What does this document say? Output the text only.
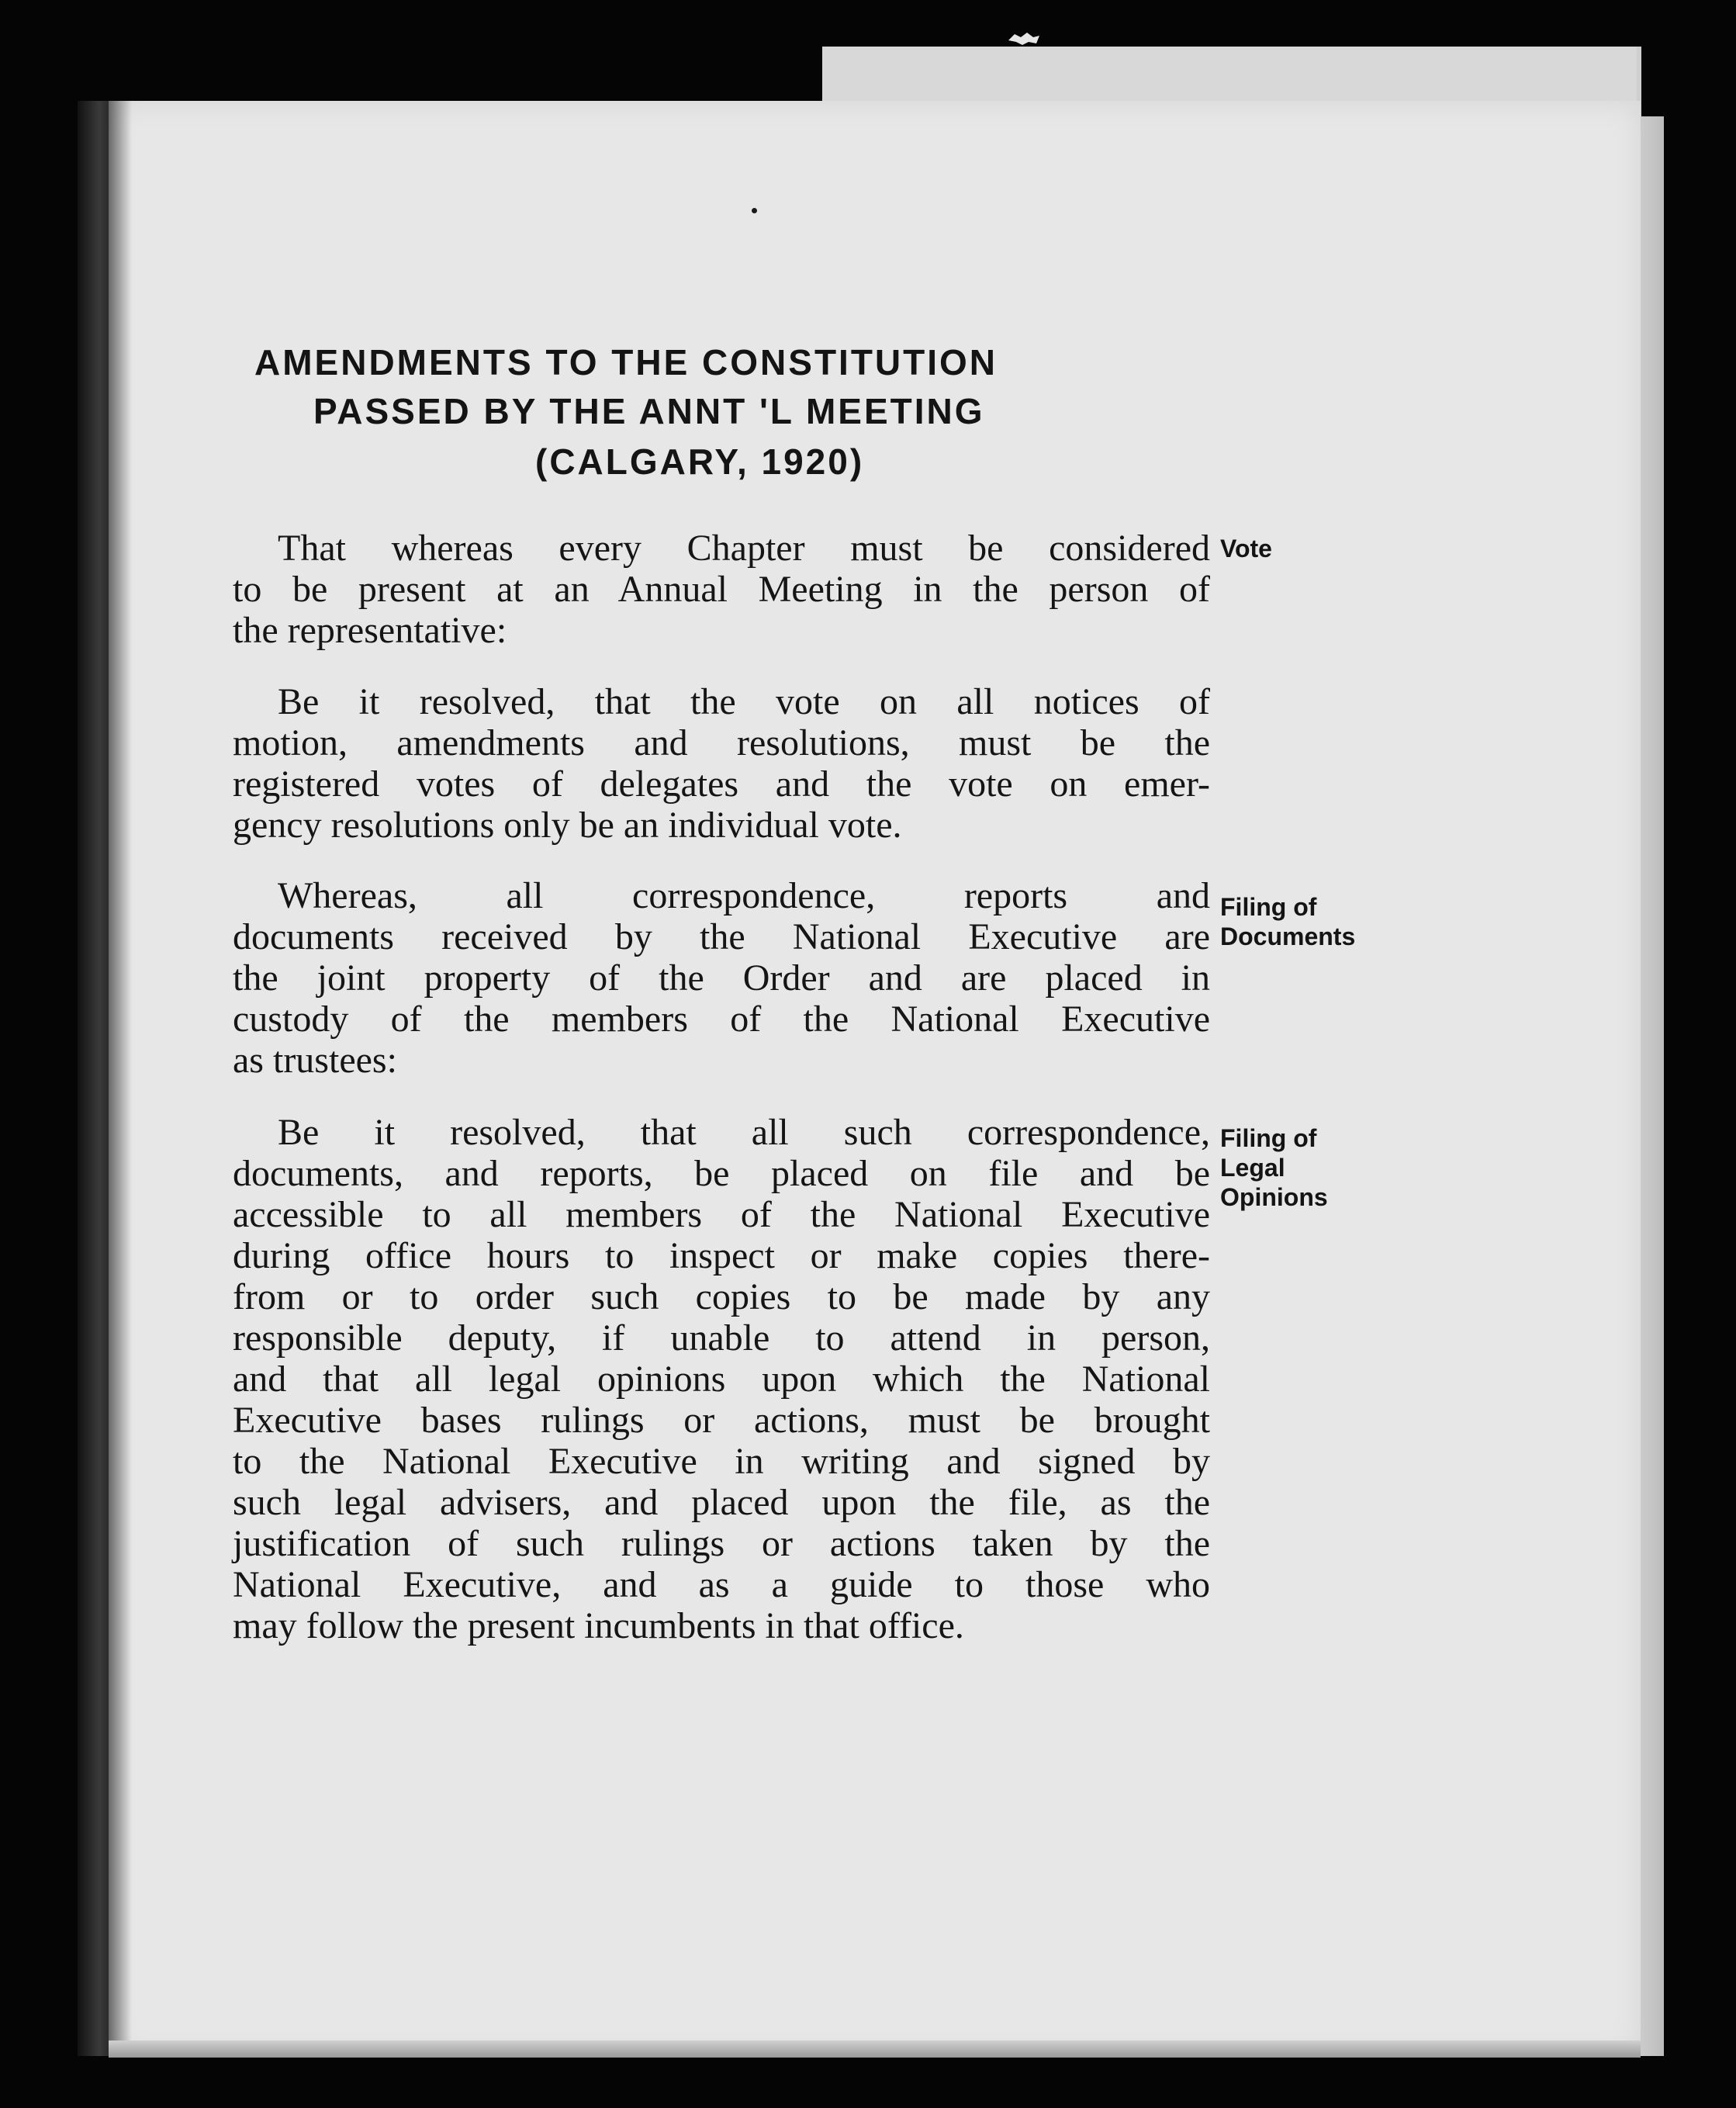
AMENDMENTS TO THE CONSTITUTION
PASSED BY THE ANNT 'L MEETING
(CALGARY, 1920)
That whereas every Chapter must be considered
to be present at an Annual Meeting in the person of
the representative:
Be it resolved, that the vote on all notices of
motion, amendments and resolutions, must be the
registered votes of delegates and the vote on emer-
gency resolutions only be an individual vote.
Whereas, all correspondence, reports and
documents received by the National Executive are
the joint property of the Order and are placed in
custody of the members of the National Executive
as trustees:
Be it resolved, that all such correspondence,
documents, and reports, be placed on file and be
accessible to all members of the National Executive
during office hours to inspect or make copies there-
from or to order such copies to be made by any
responsible deputy, if unable to attend in person,
and that all legal opinions upon which the National
Executive bases rulings or actions, must be brought
to the National Executive in writing and signed by
such legal advisers, and placed upon the file, as the
justification of such rulings or actions taken by the
National Executive, and as a guide to those who
may follow the present incumbents in that office.
Vote
Filing of
Documents
Filing of
Legal
Opinions
